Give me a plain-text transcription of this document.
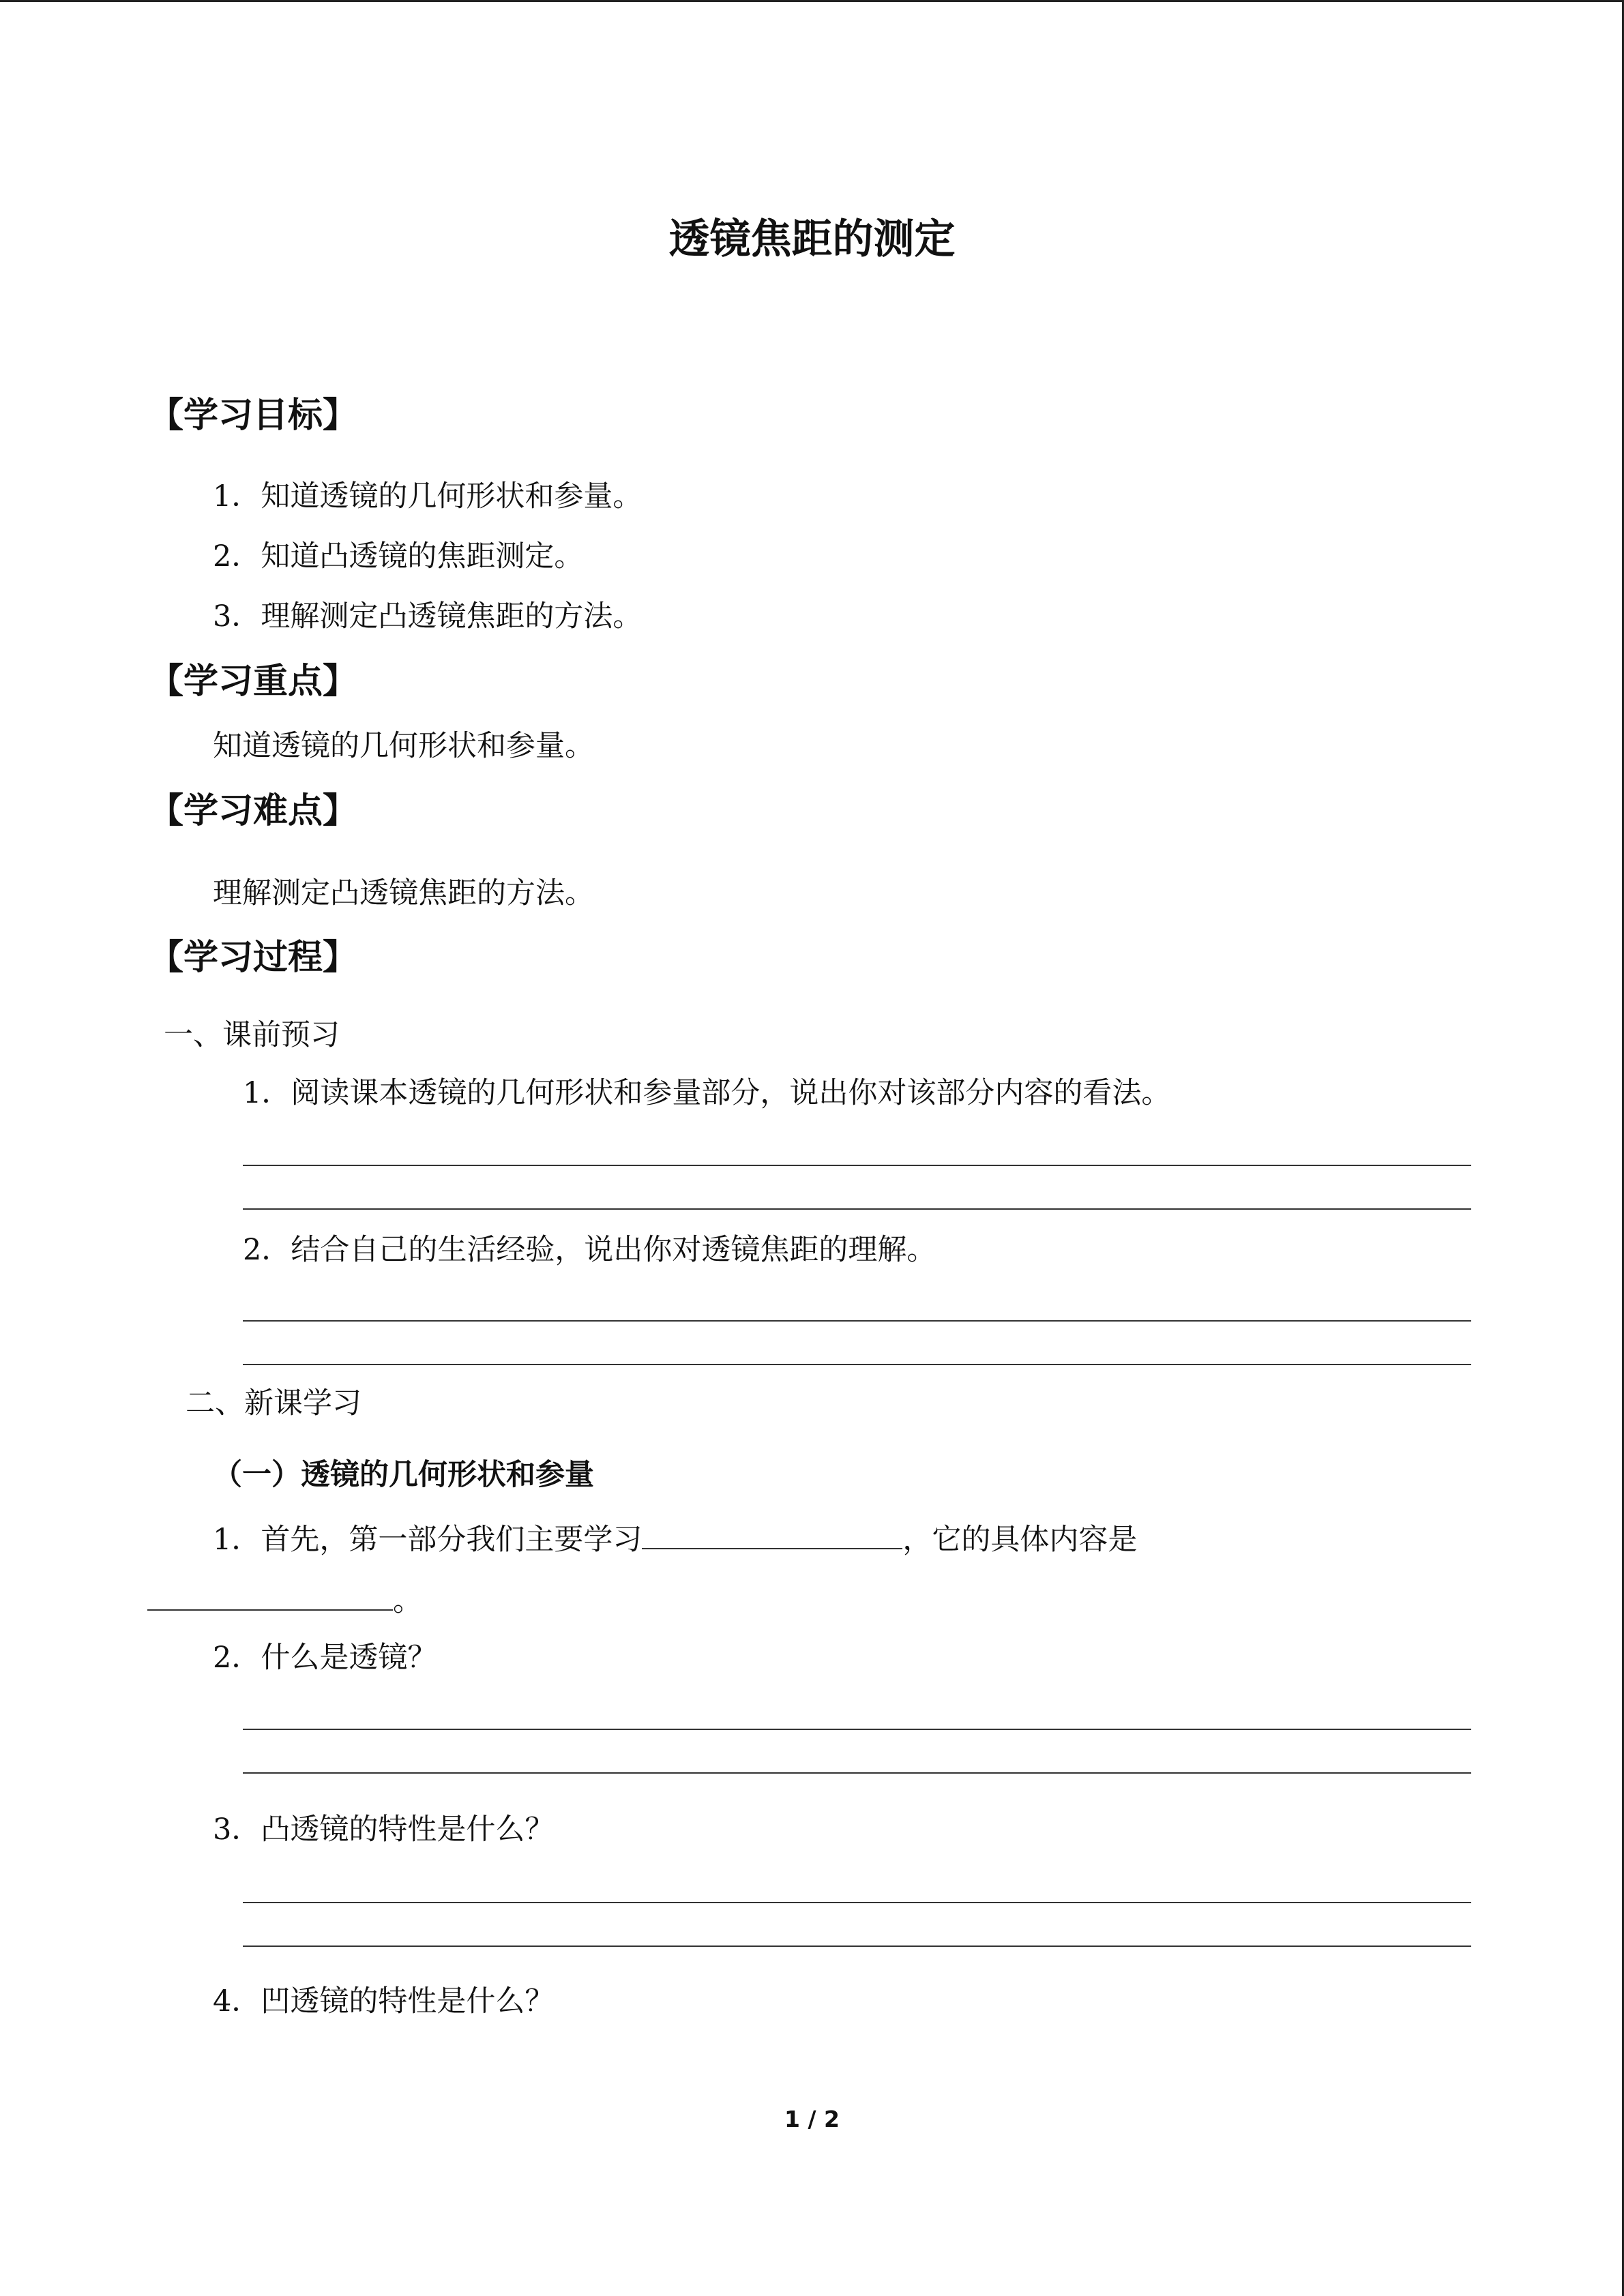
透镜焦距的测定
【学习目标】
1．知道透镜的几何形状和参量。
2．知道凸透镜的焦距测定。
3．理解测定凸透镜焦距的方法。
【学习重点】
知道透镜的几何形状和参量。
【学习难点】
理解测定凸透镜焦距的方法。
【学习过程】
一、课前预习
1．阅读课本透镜的几何形状和参量部分，说出你对该部分内容的看法。
2．结合自己的生活经验，说出你对透镜焦距的理解。
二、新课学习
（一）透镜的几何形状和参量
1．首先，第一部分我们主要学习	，它的具体内容是
。
2．什么是透镜？
3．凸透镜的特性是什么？
4．凹透镜的特性是什么？
1 / 2
